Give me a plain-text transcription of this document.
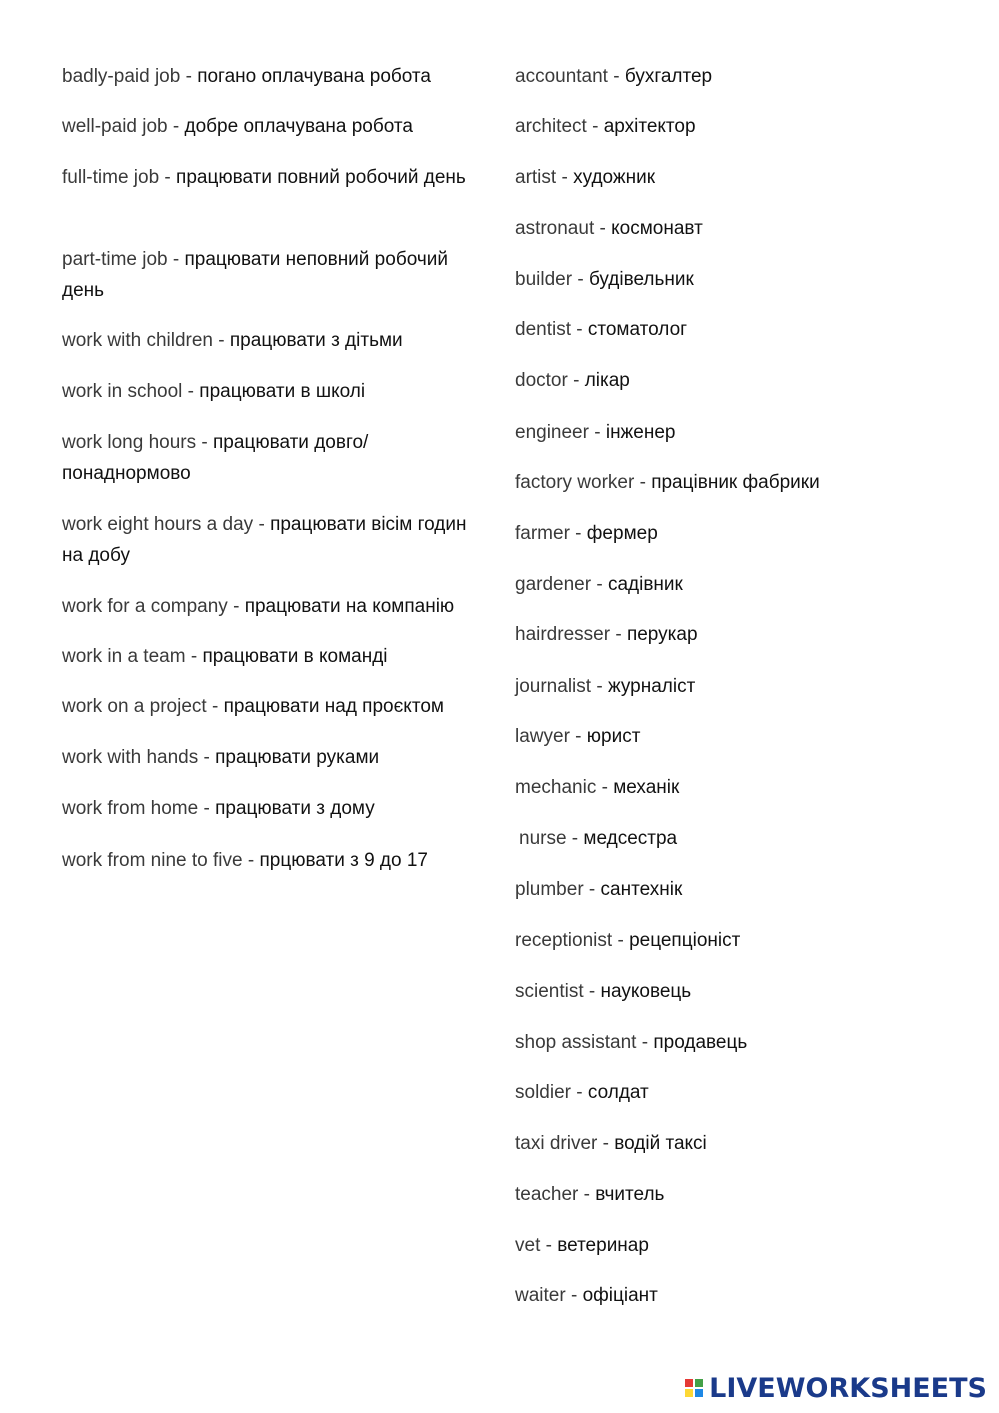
badly-paid job - погано оплачувана робота
well-paid job - добре оплачувана робота
full-time job - працювати повний робочий день
part-time job - працювати неповний робочий день
work with children - працювати з дітьми
work in school - працювати в школі
work long hours - працювати довго/ понаднормово
work eight hours a day - працювати вісім годин на добу
work for a company - працювати на компанію
work in a team - працювати в команді
work on a project - працювати над проєктом
work with hands - працювати руками
work from home - працювати з дому
work from nine to five - прцювати з 9 до 17
accountant - бухгалтер
architect - архітектор
artist - художник
astronaut - космонавт
builder - будівельник
dentist - стоматолог
doctor - лікар
engineer - інженер
factory worker - працівник фабрики
farmer - фермер
gardener - садівник
hairdresser - перукар
journalist - журналіст
lawyer - юрист
mechanic - механік
nurse - медсестра
plumber - сантехнік
receptionist - рецепціоніст
scientist - науковець
shop assistant - продавець
soldier - солдат
taxi driver - водій таксі
teacher - вчитель
vet - ветеринар
waiter - офіціант
LIVEWORKSHEETS
